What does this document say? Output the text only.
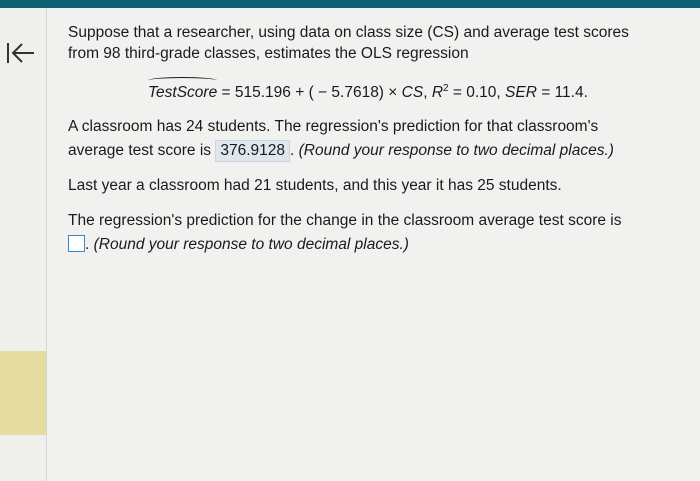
Suppose that a researcher, using data on class size (CS) and average test scores
from 98 third-grade classes, estimates the OLS regression

TestScore = 515.196 + ( − 5.7618) × CS, $R^2 = 0.10$, SER = 11.4.

A classroom has 24 students. The regression's prediction for that classroom's
average test score is 376.9128 . (Round your response to two decimal places.)

Last year a classroom had 21 students, and this year it has 25 students.

The regression's prediction for the change in the classroom average test score is
. (Round your response to two decimal places.)
